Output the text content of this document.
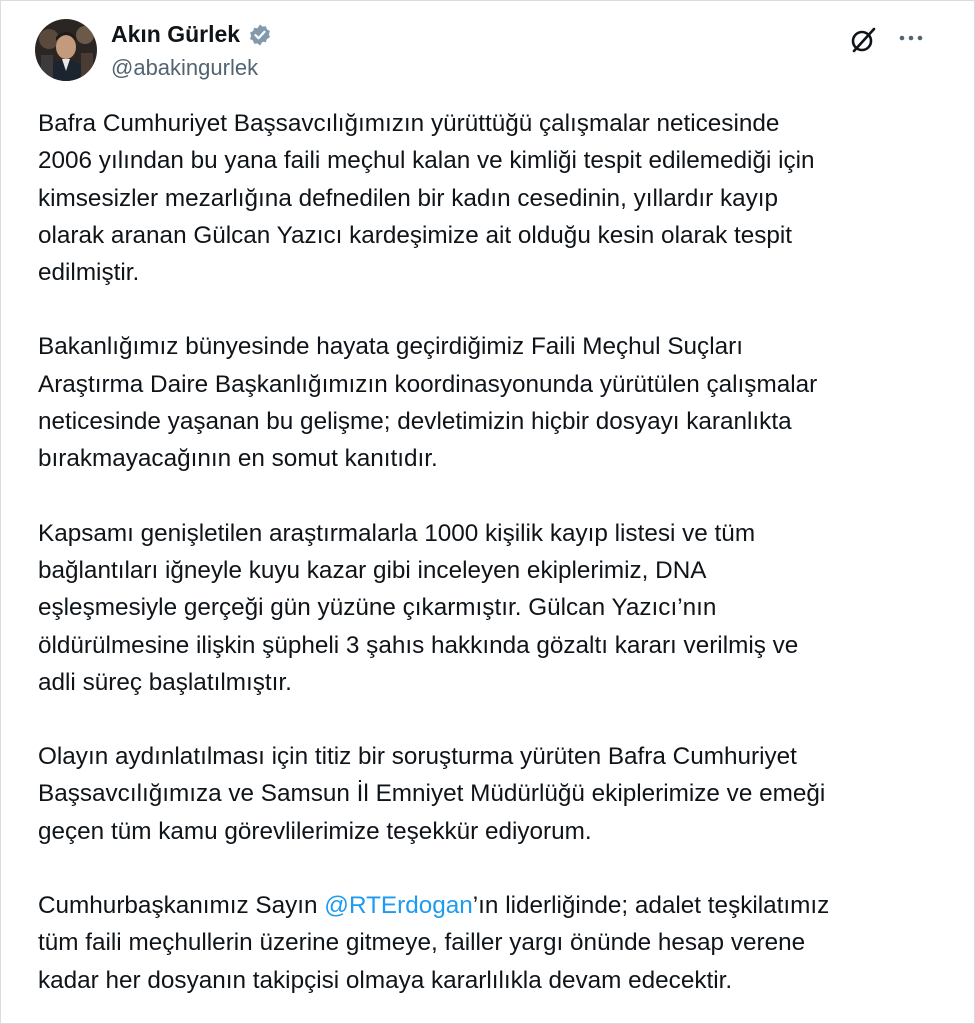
Akın Gürlek
@abakingurlek

Bafra Cumhuriyet Başsavcılığımızın yürüttüğü çalışmalar neticesinde
2006 yılından bu yana faili meçhul kalan ve kimliği tespit edilemediği için
kimsesizler mezarlığına defnedilen bir kadın cesedinin, yıllardır kayıp
olarak aranan Gülcan Yazıcı kardeşimize ait olduğu kesin olarak tespit
edilmiştir.

Bakanlığımız bünyesinde hayata geçirdiğimiz Faili Meçhul Suçları
Araştırma Daire Başkanlığımızın koordinasyonunda yürütülen çalışmalar
neticesinde yaşanan bu gelişme; devletimizin hiçbir dosyayı karanlıkta
bırakmayacağının en somut kanıtıdır.

Kapsamı genişletilen araştırmalarla 1000 kişilik kayıp listesi ve tüm
bağlantıları iğneyle kuyu kazar gibi inceleyen ekiplerimiz, DNA
eşleşmesiyle gerçeği gün yüzüne çıkarmıştır. Gülcan Yazıcı’nın
öldürülmesine ilişkin şüpheli 3 şahıs hakkında gözaltı kararı verilmiş ve
adli süreç başlatılmıştır.

Olayın aydınlatılması için titiz bir soruşturma yürüten Bafra Cumhuriyet
Başsavcılığımıza ve Samsun İl Emniyet Müdürlüğü ekiplerimize ve emeği
geçen tüm kamu görevlilerimize teşekkür ediyorum.

Cumhurbaşkanımız Sayın @RTErdogan’ın liderliğinde; adalet teşkilatımız
tüm faili meçhullerin üzerine gitmeye, failler yargı önünde hesap verene
kadar her dosyanın takipçisi olmaya kararlılıkla devam edecektir.
